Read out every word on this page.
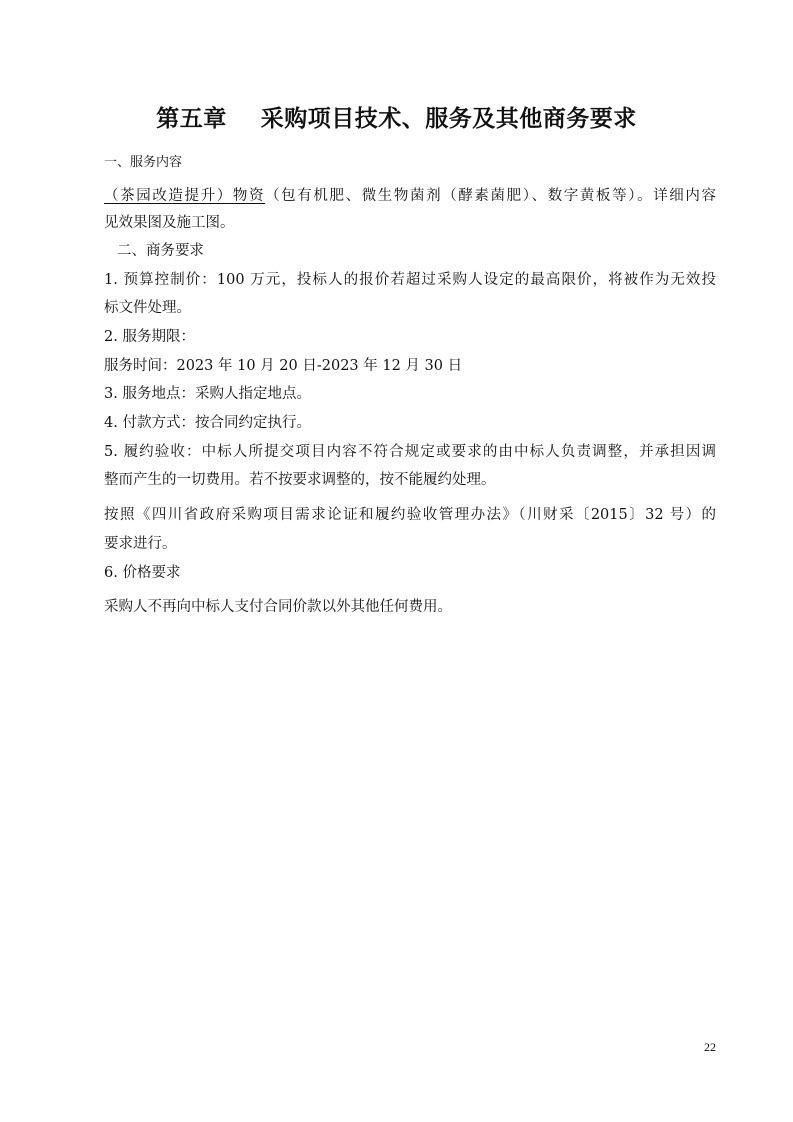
第五章    采购项目技术、服务及其他商务要求
一、服务内容
（茶园改造提升）物资（包有机肥、微生物菌剂（酵素菌肥）、数字黄板等）。详细内容
见效果图及施工图。
二、商务要求
1. 预算控制价：100 万元，投标人的报价若超过采购人设定的最高限价，将被作为无效投
标文件处理。
2. 服务期限：
服务时间：2023 年 10 月 20 日-2023 年 12 月 30 日
3. 服务地点：采购人指定地点。
4. 付款方式：按合同约定执行。
5. 履约验收：中标人所提交项目内容不符合规定或要求的由中标人负责调整，并承担因调
整而产生的一切费用。若不按要求调整的，按不能履约处理。
按照《四川省政府采购项目需求论证和履约验收管理办法》（川财采〔2015〕32 号）的
要求进行。
6. 价格要求
采购人不再向中标人支付合同价款以外其他任何费用。
22
